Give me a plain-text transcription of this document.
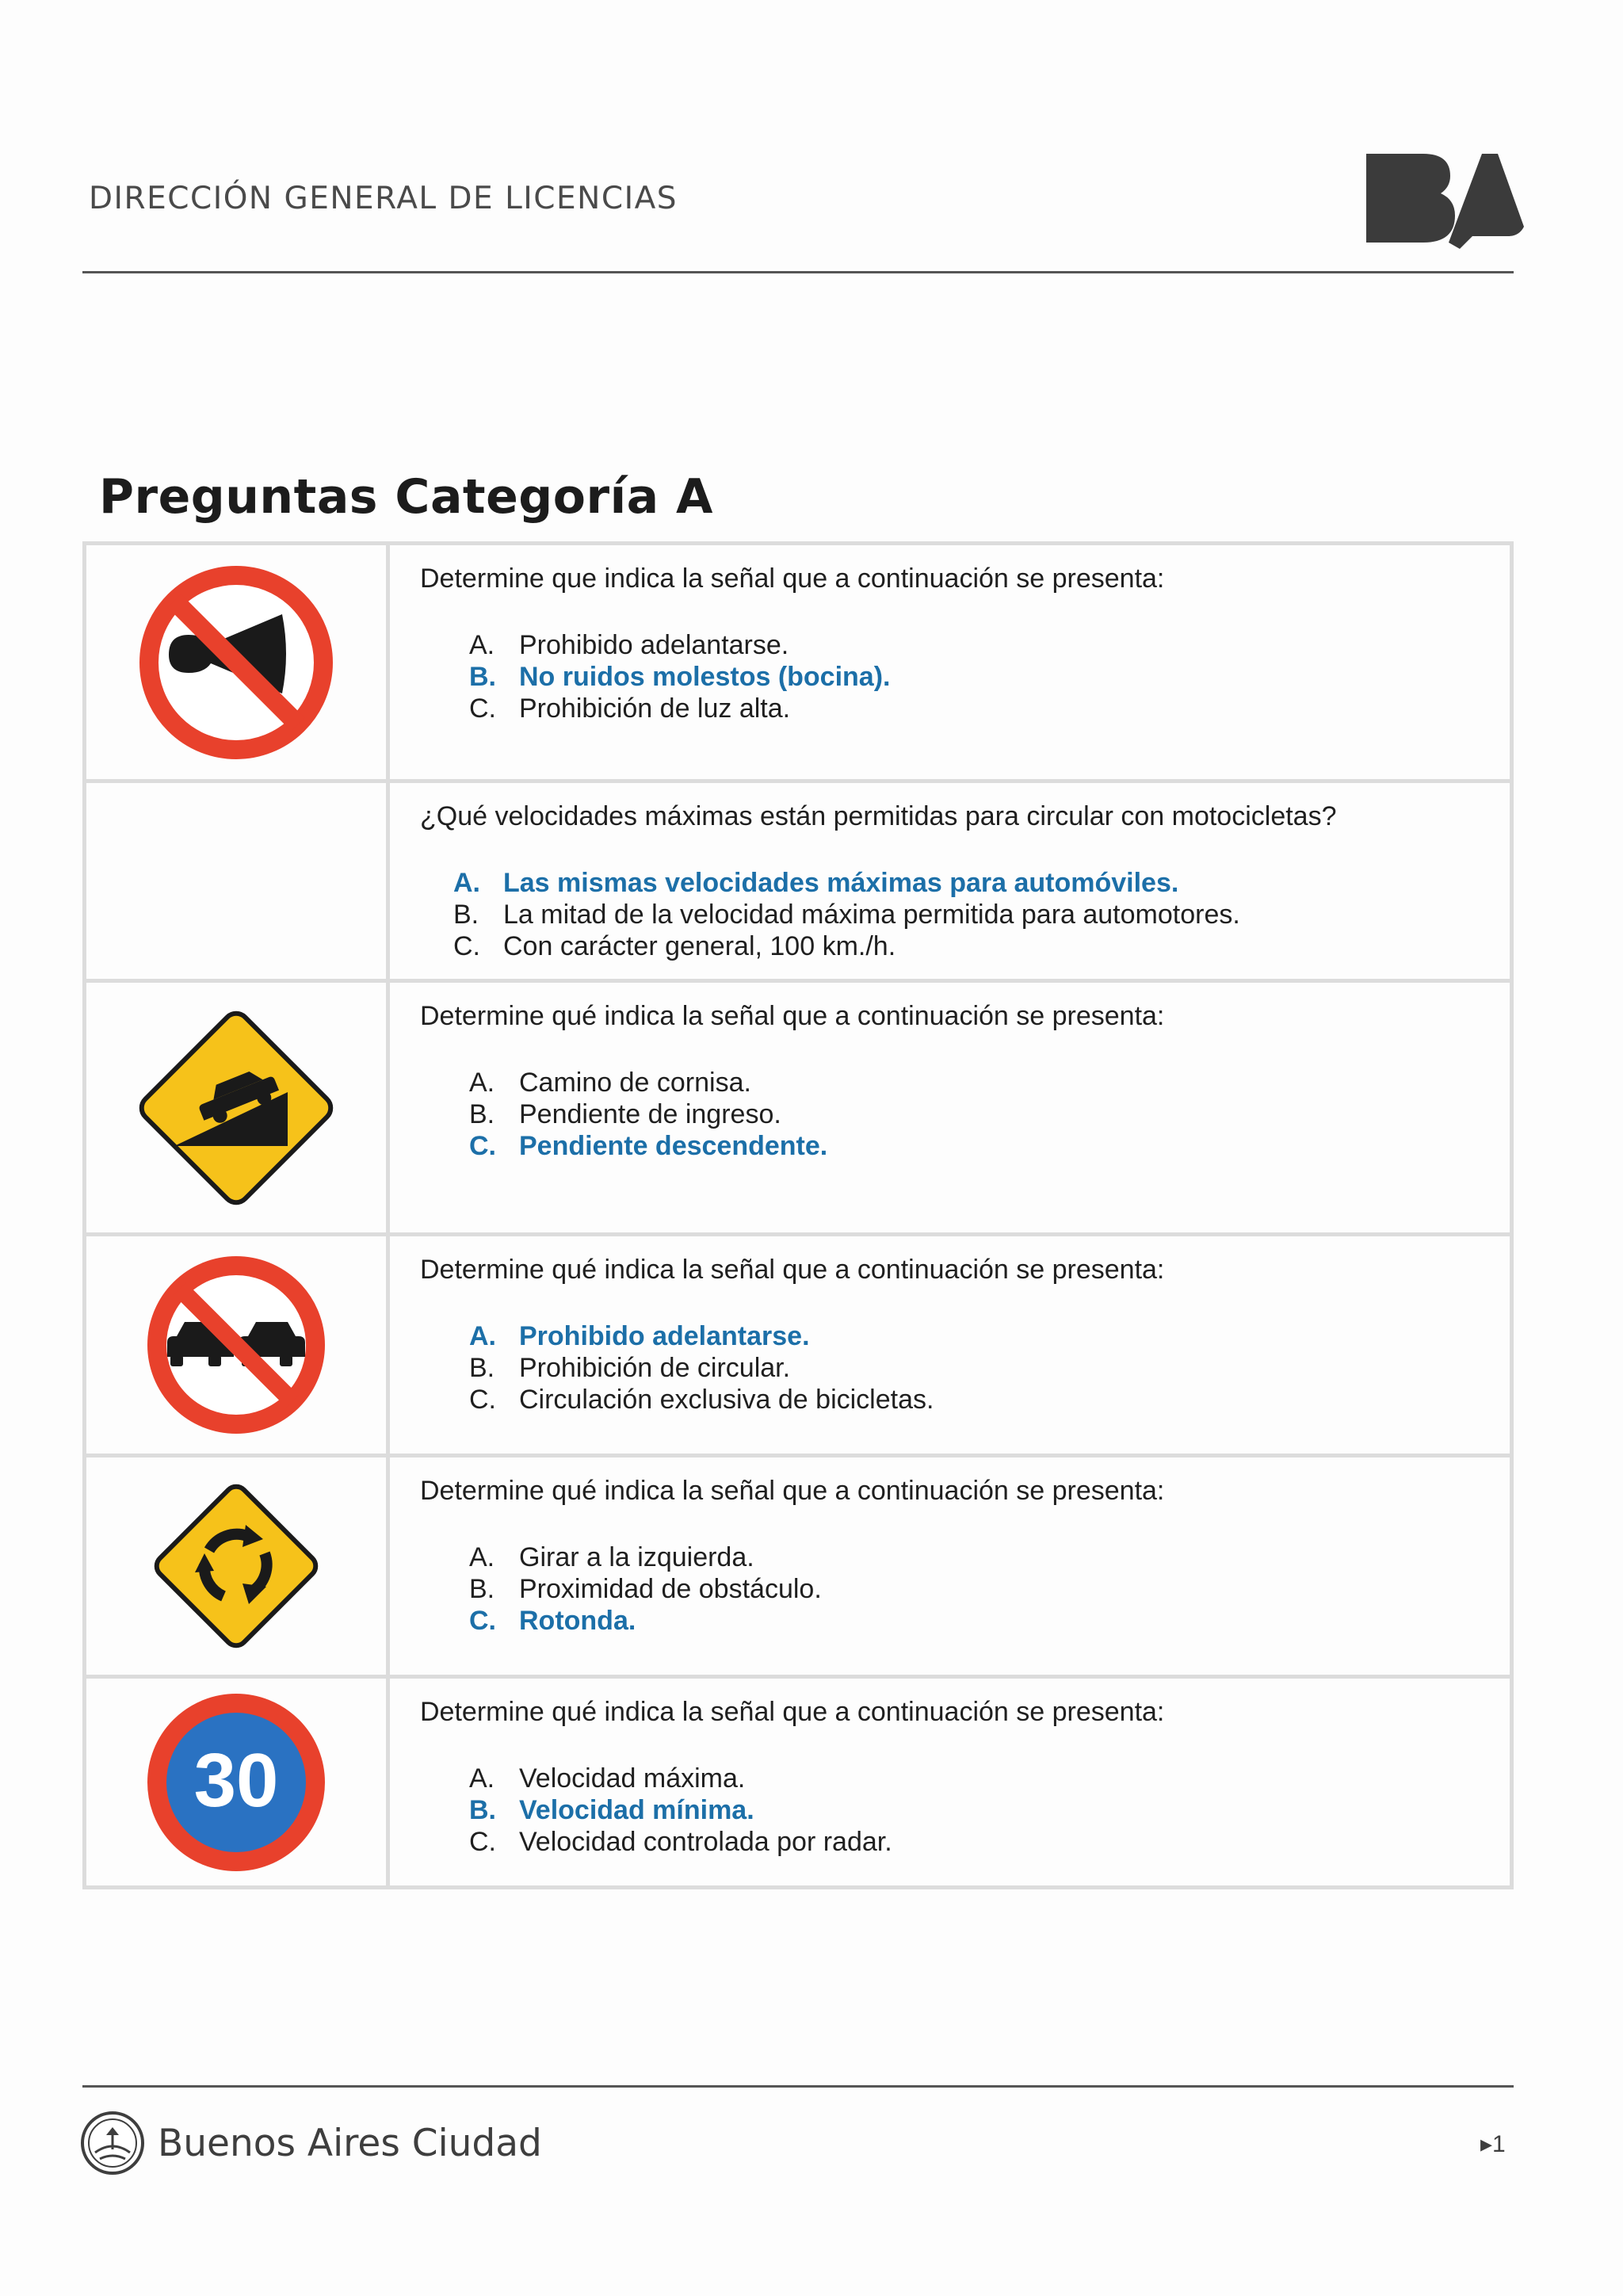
DIRECCIÓN GENERAL DE LICENCIAS
Preguntas Categoría A

Determine que indica la señal que a continuación se presenta:

A. Prohibido adelantarse.
B. No ruidos molestos (bocina).
C. Prohibición de luz alta.

¿Qué velocidades máximas están permitidas para circular con motocicletas?

A. Las mismas velocidades máximas para automóviles.
B. La mitad de la velocidad máxima permitida para automotores.
C. Con carácter general, 100 km./h.

Determine qué indica la señal que a continuación se presenta:

A. Camino de cornisa.
B. Pendiente de ingreso.
C. Pendiente descendente.

Determine qué indica la señal que a continuación se presenta:

A. Prohibido adelantarse.
B. Prohibición de circular.
C. Circulación exclusiva de bicicletas.

Determine qué indica la señal que a continuación se presenta:

A. Girar a la izquierda.
B. Proximidad de obstáculo.
C. Rotonda.
30

Determine qué indica la señal que a continuación se presenta:

A. Velocidad máxima.
B. Velocidad mínima.
C. Velocidad controlada por radar.
Buenos Aires Ciudad	▸1
